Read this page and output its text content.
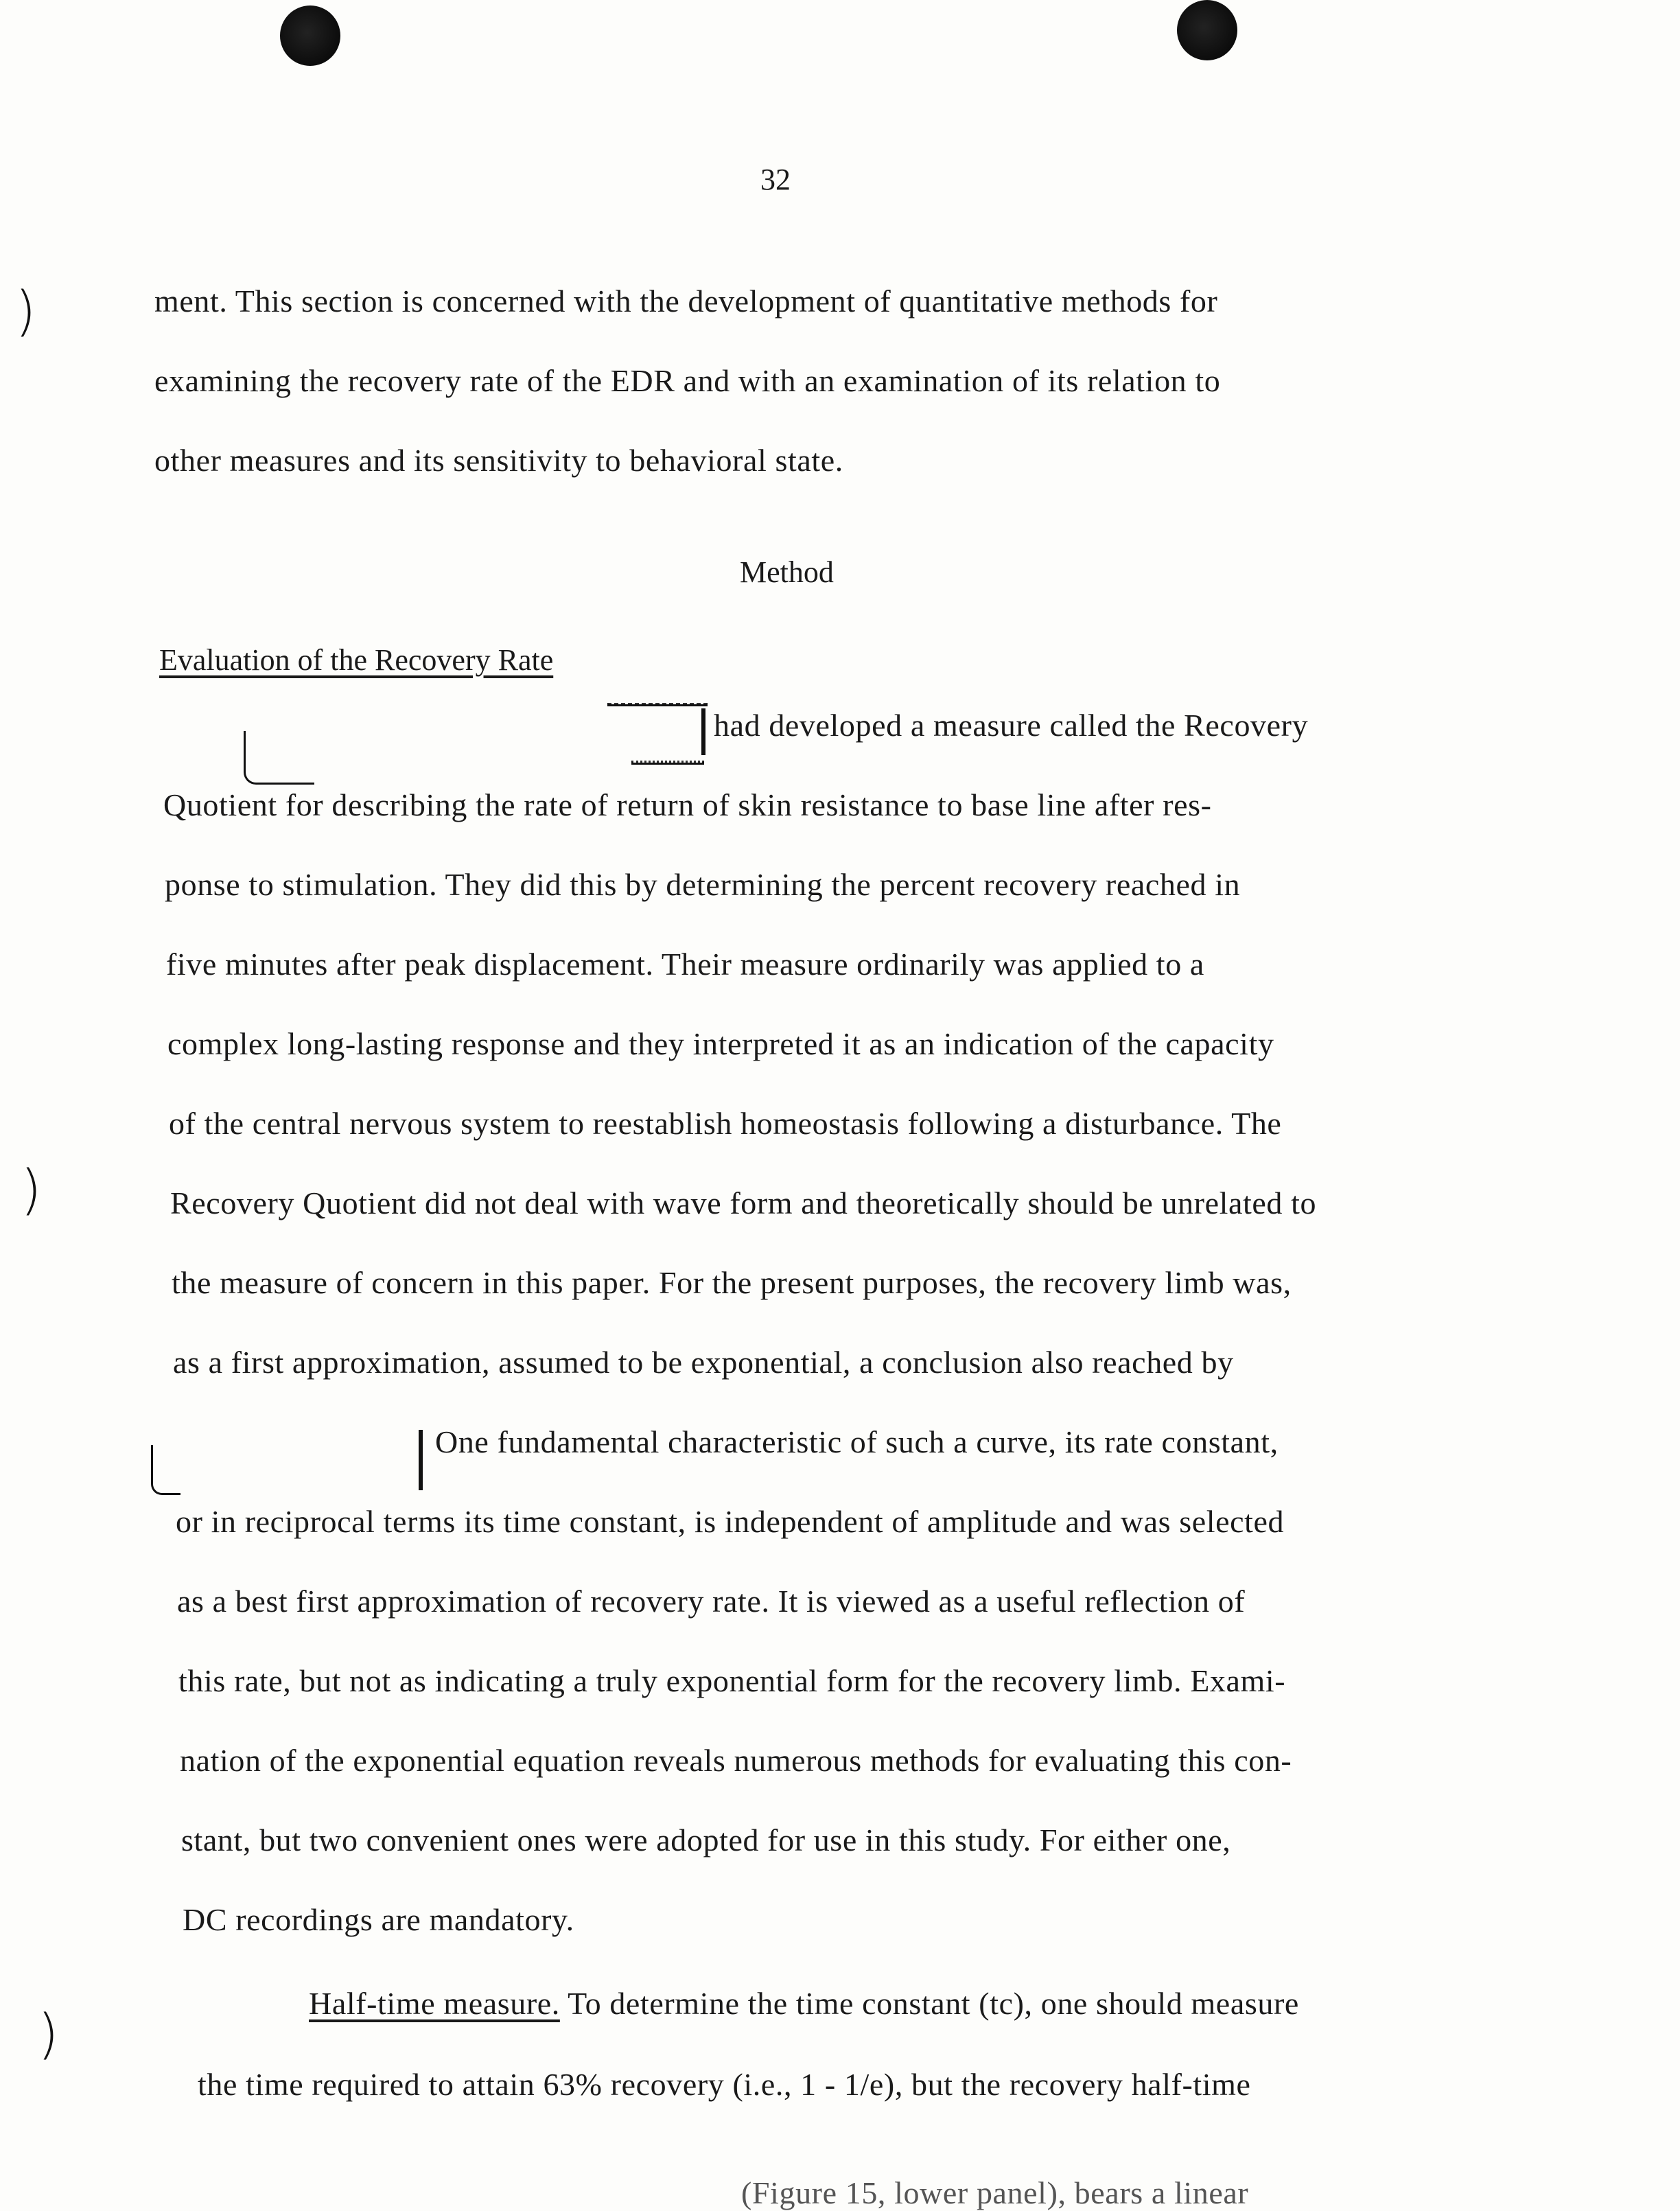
)
)
)
32
ment. This section is concerned with the development of quantitative methods for
examining the recovery rate of the EDR and with an examination of its relation to
other measures and its sensitivity to behavioral state.
Method
Evaluation of the Recovery Rate
had developed a measure called the Recovery
Quotient for describing the rate of return of skin resistance to base line after res-
ponse to stimulation. They did this by determining the percent recovery reached in
five minutes after peak displacement. Their measure ordinarily was applied to a
complex long-lasting response and they interpreted it as an indication of the capacity
of the central nervous system to reestablish homeostasis following a disturbance. The
Recovery Quotient did not deal with wave form and theoretically should be unrelated to
the measure of concern in this paper. For the present purposes, the recovery limb was,
as a first approximation, assumed to be exponential, a conclusion also reached by
One fundamental characteristic of such a curve, its rate constant,
or in reciprocal terms its time constant, is independent of amplitude and was selected
as a best first approximation of recovery rate. It is viewed as a useful reflection of
this rate, but not as indicating a truly exponential form for the recovery limb. Exami-
nation of the exponential equation reveals numerous methods for evaluating this con-
stant, but two convenient ones were adopted for use in this study. For either one,
DC recordings are mandatory.
Half-time measure. To determine the time constant (tc), one should measure
the time required to attain 63% recovery (i.e., 1 - 1/e), but the recovery half-time
(Figure 15, lower panel), bears a linear
